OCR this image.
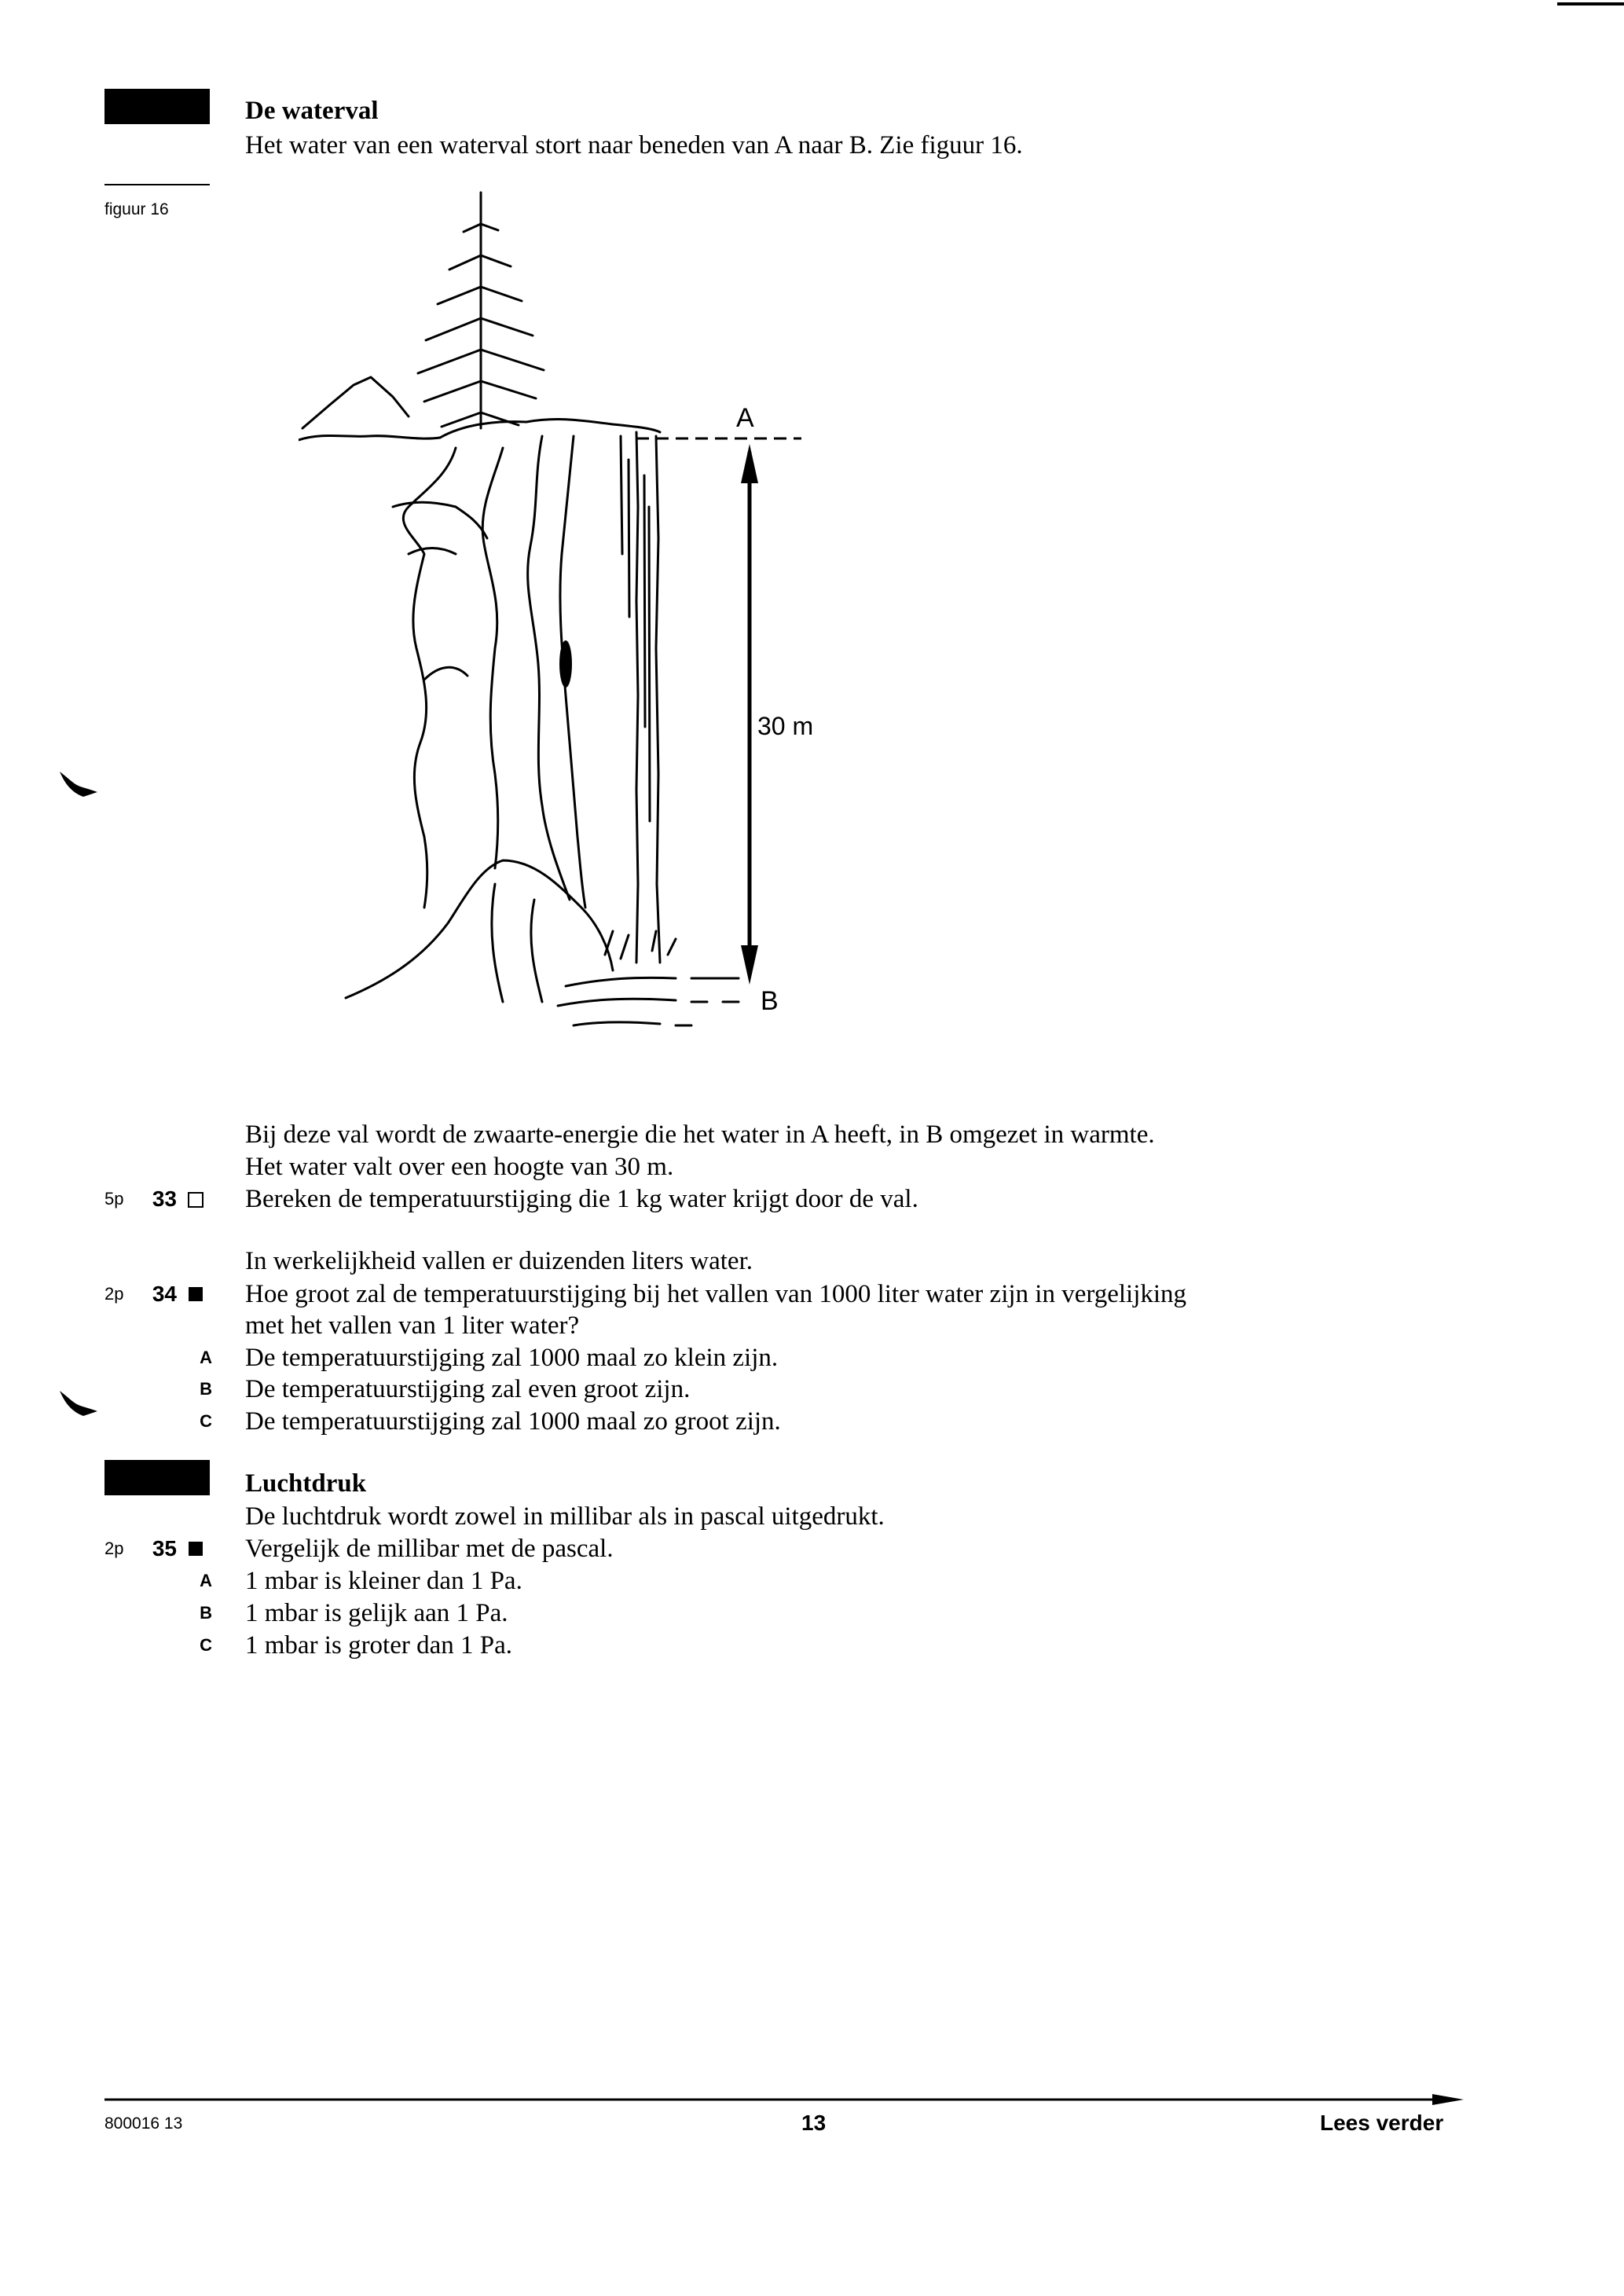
De waterval
Het water van een waterval stort naar beneden van A naar B. Zie figuur 16.
figuur 16
A
B
30 m
Bij deze val wordt de zwaarte-energie die het water in A heeft, in B omgezet in warmte.
Het water valt over een hoogte van 30 m.
5p	33	Bereken de temperatuurstijging die 1 kg water krijgt door de val.
In werkelijkheid vallen er duizenden liters water.
2p	34	Hoe groot zal de temperatuurstijging bij het vallen van 1000 liter water zijn in vergelijking
met het vallen van 1 liter water?
A De temperatuurstijging zal 1000 maal zo klein zijn.
B De temperatuurstijging zal even groot zijn.
C De temperatuurstijging zal 1000 maal zo groot zijn.
Luchtdruk
De luchtdruk wordt zowel in millibar als in pascal uitgedrukt.
2p	35	Vergelijk de millibar met de pascal.
A 1 mbar is kleiner dan 1 Pa.
B 1 mbar is gelijk aan 1 Pa.
C 1 mbar is groter dan 1 Pa.
800016 13	13	Lees verder
